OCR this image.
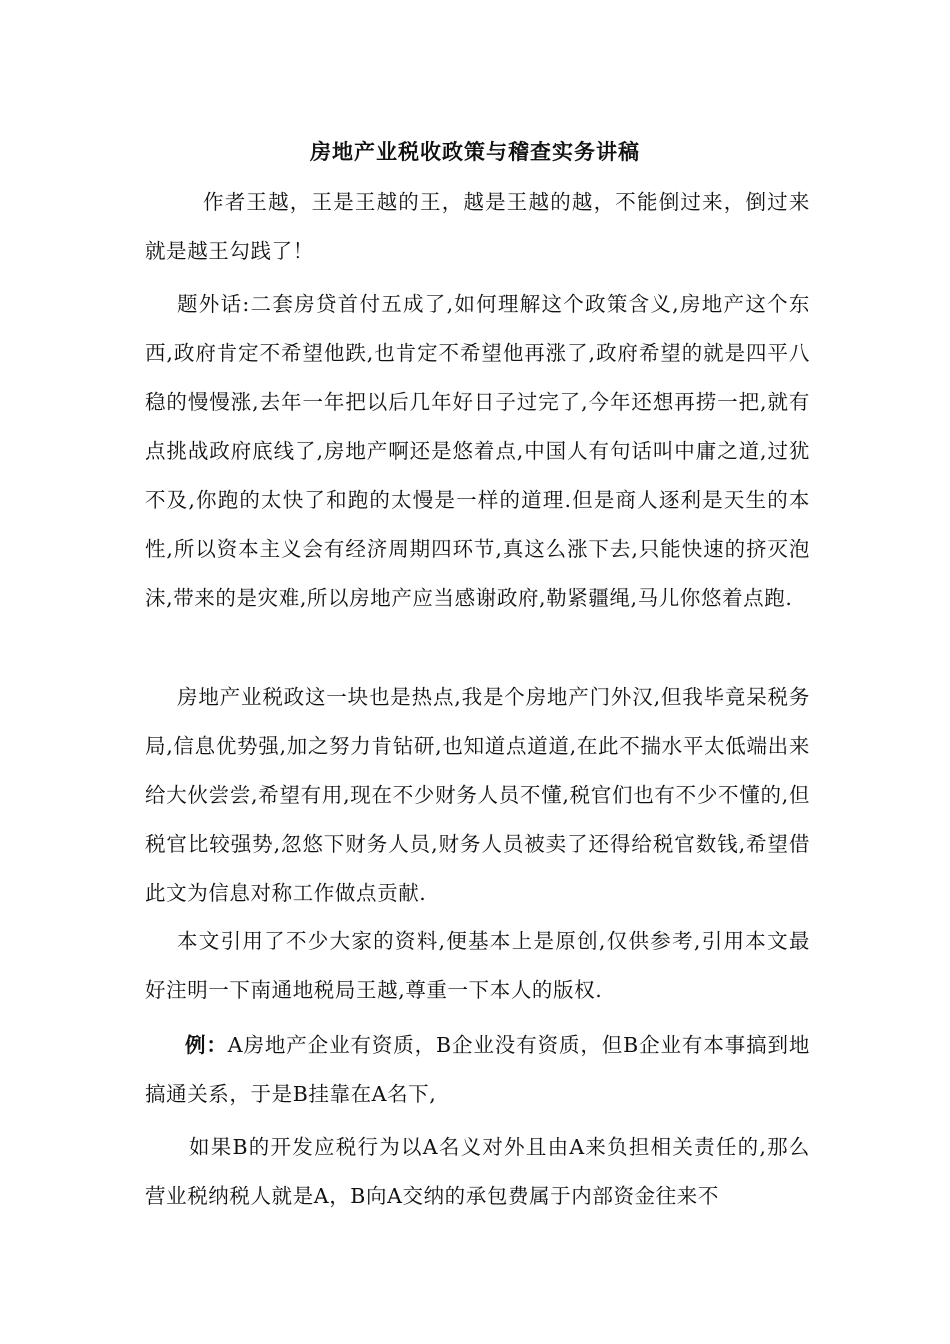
房地产业税收政策与稽查实务讲稿

作者王越，王是王越的王，越是王越的越，不能倒过来，倒过来就是越王勾践了！

题外话:二套房贷首付五成了,如何理解这个政策含义,房地产这个东西,政府肯定不希望他跌,也肯定不希望他再涨了,政府希望的就是四平八稳的慢慢涨,去年一年把以后几年好日子过完了,今年还想再捞一把,就有点挑战政府底线了,房地产啊还是悠着点,中国人有句话叫中庸之道,过犹不及,你跑的太快了和跑的太慢是一样的道理.但是商人逐利是天生的本性,所以资本主义会有经济周期四环节,真这么涨下去,只能快速的挤灭泡沫,带来的是灾难,所以房地产应当感谢政府,勒紧疆绳,马儿你悠着点跑.

房地产业税政这一块也是热点,我是个房地产门外汉,但我毕竟呆税务局,信息优势强,加之努力肯钻研,也知道点道道,在此不揣水平太低端出来给大伙尝尝,希望有用,现在不少财务人员不懂,税官们也有不少不懂的,但税官比较强势,忽悠下财务人员,财务人员被卖了还得给税官数钱,希望借此文为信息对称工作做点贡献.

本文引用了不少大家的资料,便基本上是原创,仅供参考,引用本文最好注明一下南通地税局王越,尊重一下本人的版权.

例：A房地产企业有资质，B企业没有资质，但B企业有本事搞到地搞通关系，于是B挂靠在A名下,

如果B的开发应税行为以A名义对外且由A来负担相关责任的,那么营业税纳税人就是A，B向A交纳的承包费属于内部资金往来不
